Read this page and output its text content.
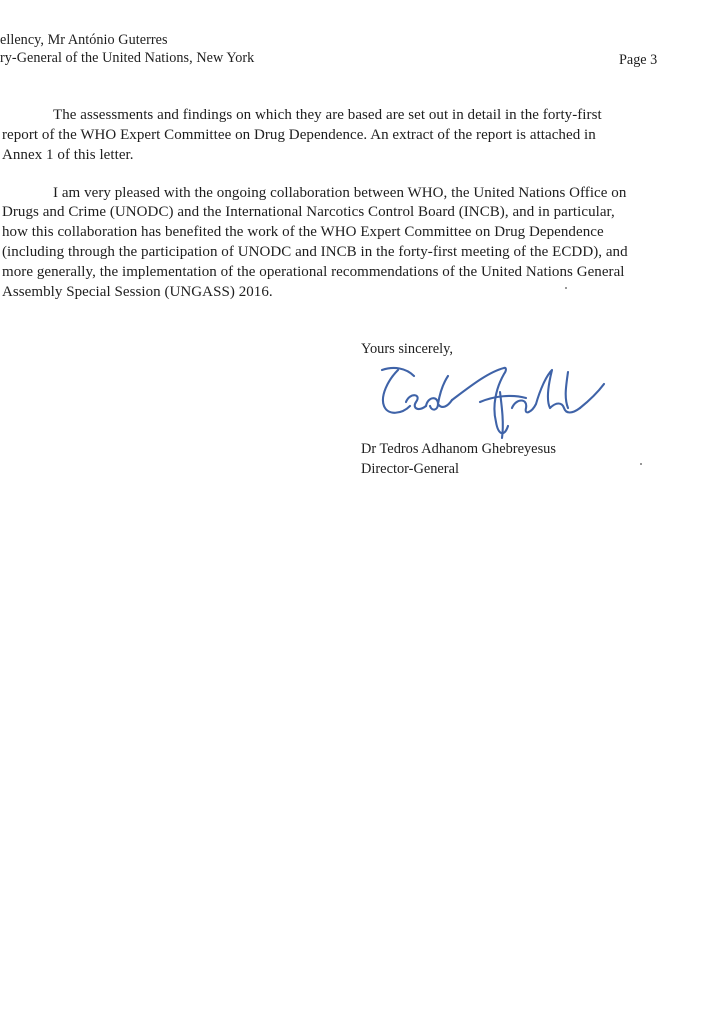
ellency, Mr António Guterres
ry-General of the United Nations, New York	Page 3
The assessments and findings on which they are based are set out in detail in the forty-first
report of the WHO Expert Committee on Drug Dependence. An extract of the report is attached in
Annex 1 of this letter.
I am very pleased with the ongoing collaboration between WHO, the United Nations Office on
Drugs and Crime (UNODC) and the International Narcotics Control Board (INCB), and in particular,
how this collaboration has benefited the work of the WHO Expert Committee on Drug Dependence
(including through the participation of UNODC and INCB in the forty-first meeting of the ECDD), and
more generally, the implementation of the operational recommendations of the United Nations General
Assembly Special Session (UNGASS) 2016.
Yours sincerely,
Dr Tedros Adhanom Ghebreyesus
Director-General
